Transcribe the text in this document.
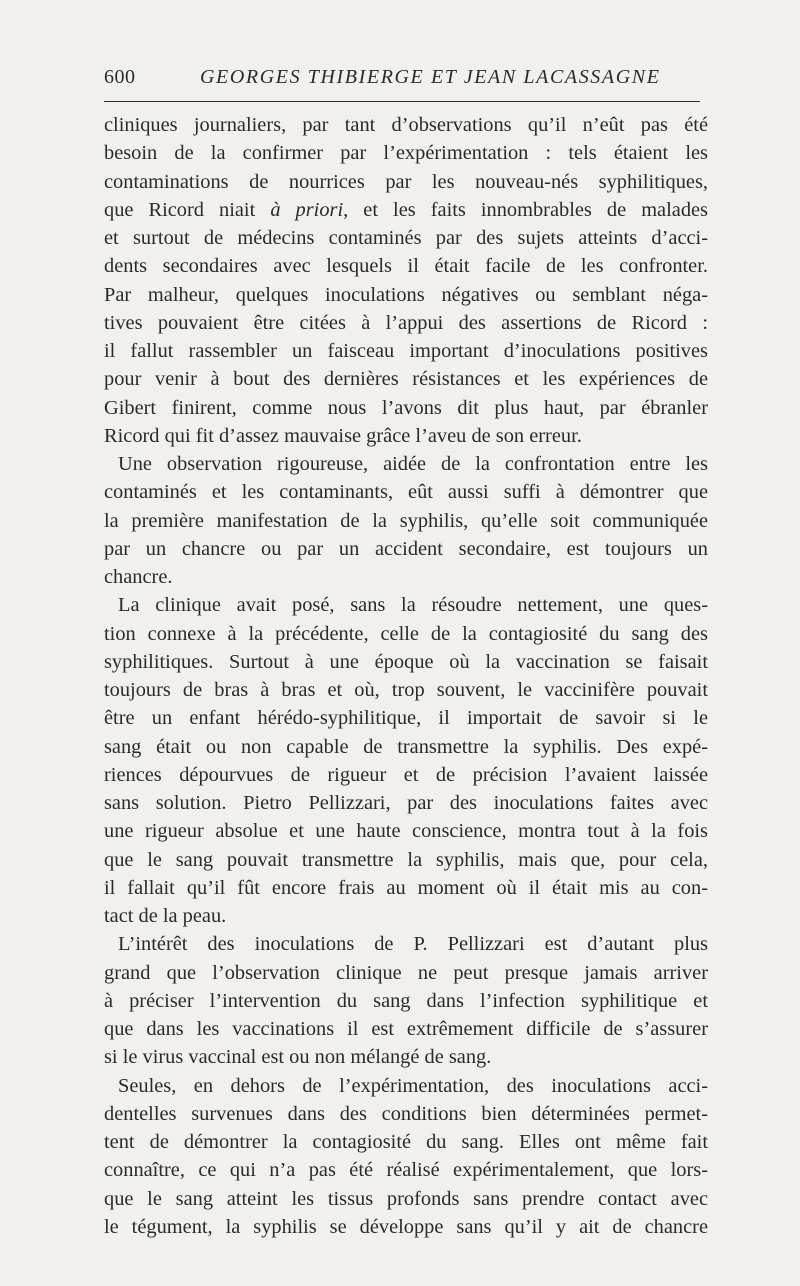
600	GEORGES THIBIERGE ET JEAN LACASSAGNE
cliniques journaliers, par tant d’observations qu’il n’eût pas été
besoin de la confirmer par l’expérimentation : tels étaient les
contaminations de nourrices par les nouveau-nés syphilitiques,
que Ricord niait à priori, et les faits innombrables de malades
et surtout de médecins contaminés par des sujets atteints d’acci-
dents secondaires avec lesquels il était facile de les confronter.
Par malheur, quelques inoculations négatives ou semblant néga-
tives pouvaient être citées à l’appui des assertions de Ricord :
il fallut rassembler un faisceau important d’inoculations positives
pour venir à bout des dernières résistances et les expériences de
Gibert finirent, comme nous l’avons dit plus haut, par ébranler
Ricord qui fit d’assez mauvaise grâce l’aveu de son erreur.
Une observation rigoureuse, aidée de la confrontation entre les
contaminés et les contaminants, eût aussi suffi à démontrer que
la première manifestation de la syphilis, qu’elle soit communiquée
par un chancre ou par un accident secondaire, est toujours un
chancre.
La clinique avait posé, sans la résoudre nettement, une ques-
tion connexe à la précédente, celle de la contagiosité du sang des
syphilitiques. Surtout à une époque où la vaccination se faisait
toujours de bras à bras et où, trop souvent, le vaccinifère pouvait
être un enfant hérédo-syphilitique, il importait de savoir si le
sang était ou non capable de transmettre la syphilis. Des expé-
riences dépourvues de rigueur et de précision l’avaient laissée
sans solution. Pietro Pellizzari, par des inoculations faites avec
une rigueur absolue et une haute conscience, montra tout à la fois
que le sang pouvait transmettre la syphilis, mais que, pour cela,
il fallait qu’il fût encore frais au moment où il était mis au con-
tact de la peau.
L’intérêt des inoculations de P. Pellizzari est d’autant plus
grand que l’observation clinique ne peut presque jamais arriver
à préciser l’intervention du sang dans l’infection syphilitique et
que dans les vaccinations il est extrêmement difficile de s’assurer
si le virus vaccinal est ou non mélangé de sang.
Seules, en dehors de l’expérimentation, des inoculations acci-
dentelles survenues dans des conditions bien déterminées permet-
tent de démontrer la contagiosité du sang. Elles ont même fait
connaître, ce qui n’a pas été réalisé expérimentalement, que lors-
que le sang atteint les tissus profonds sans prendre contact avec
le tégument, la syphilis se développe sans qu’il y ait de chancre
